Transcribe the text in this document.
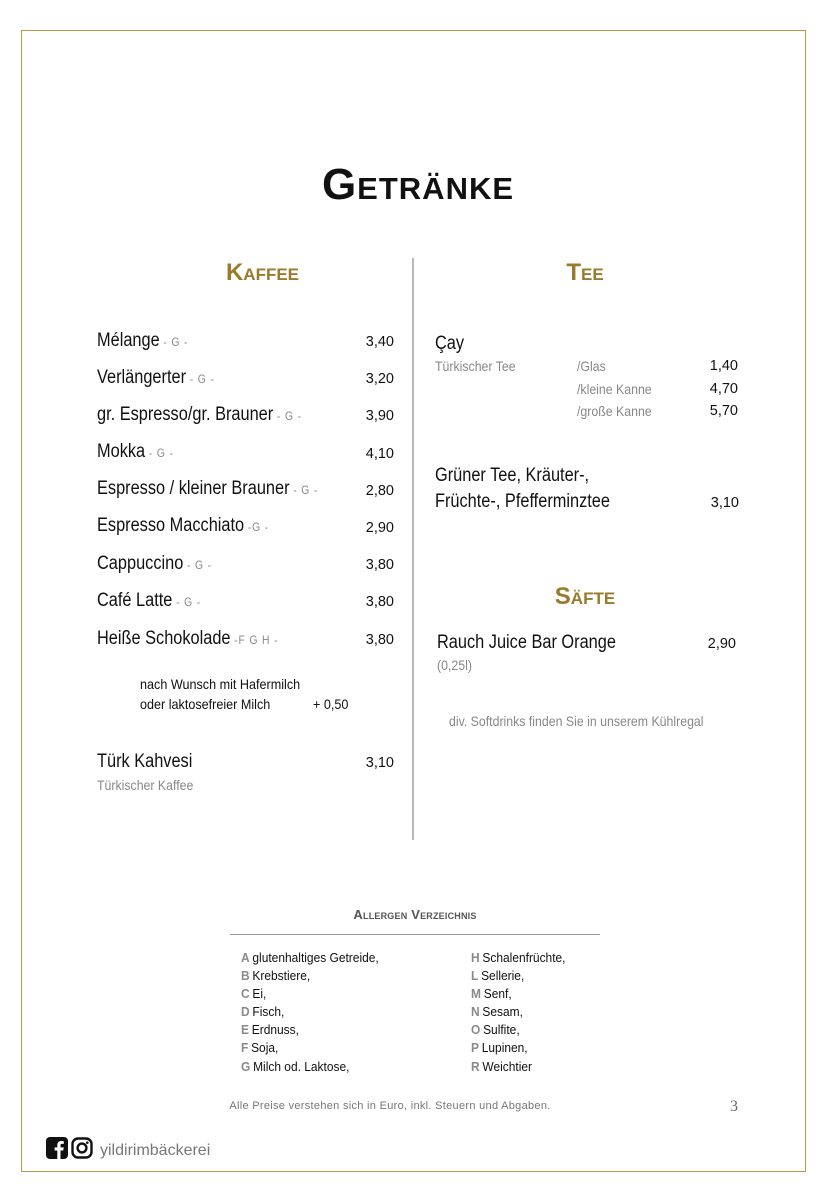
Getränke
Kaffee
Mélange - G -	3,40
Verlängerter - G -	3,20
gr. Espresso/gr. Brauner - G -	3,90
Mokka - G -	4,10
Espresso / kleiner Brauner - G -	2,80
Espresso Macchiato -G -	2,90
Cappuccino - G -	3,80
Café Latte - G -	3,80
Heiße Schokolade -F G H -	3,80
nach Wunsch mit Hafermilch
oder laktosefreier Milch	+ 0,50
Türk Kahvesi	3,10
Türkischer Kaffee
Tee
Çay
Türkischer Tee	/Glas	1,40
/kleine Kanne	4,70
/große Kanne	5,70
Grüner Tee, Kräuter-,
Früchte-, Pfefferminztee	3,10
Säfte
Rauch Juice Bar Orange	2,90
(0,25l)
div. Softdrinks finden Sie in unserem Kühlregal
Allergen Verzeichnis
A glutenhaltiges Getreide,
B Krebstiere,
C Ei,
D Fisch,
E Erdnuss,
F Soja,
G Milch od. Laktose,
H Schalenfrüchte,
L Sellerie,
M Senf,
N Sesam,
O Sulfite,
P Lupinen,
R Weichtier
Alle Preise verstehen sich in Euro, inkl. Steuern und Abgaben.	3
yildirimbäckerei
